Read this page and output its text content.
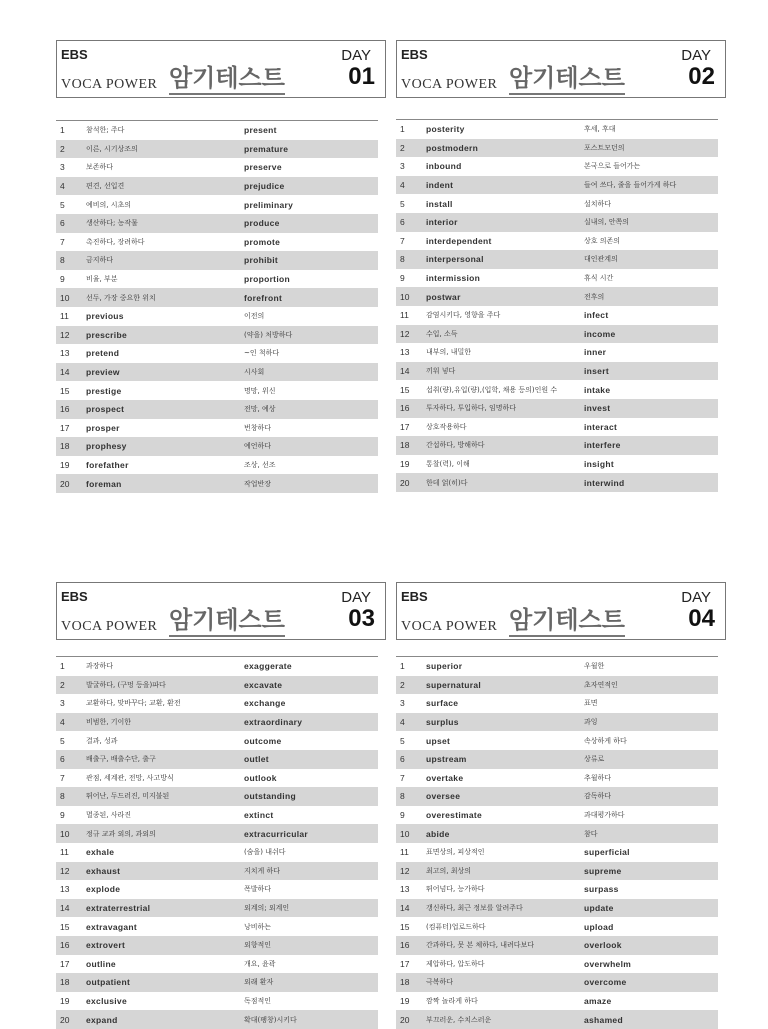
EBS
VOCA POWER 암기테스트
DAY
01
1	참석한; 주다	present
2	이른, 시기상조의	premature
3	보존하다	preserve
4	편견, 선입견	prejudice
5	예비의, 시초의	preliminary
6	생산하다; 농작물	produce
7	촉진하다, 장려하다	promote
8	금지하다	prohibit
9	비율, 부분	proportion
10	선두, 가장 중요한 위치	forefront
11	previous	이전의
12	prescribe	(약을) 처방하다
13	pretend	~인 척하다
14	preview	시사회
15	prestige	명망, 위신
16	prospect	전망, 예상
17	prosper	번창하다
18	prophesy	예언하다
19	forefather	조상, 선조
20	foreman	작업반장
EBS
VOCA POWER 암기테스트
DAY
02
1	posterity	후세, 후대
2	postmodern	포스트모던의
3	inbound	본국으로 들어가는
4	indent	들여 쓰다, 줄을 들어가게 하다
5	install	설치하다
6	interior	실내의, 안쪽의
7	interdependent	상호 의존의
8	interpersonal	대인관계의
9	intermission	휴식 시간
10	postwar	전후의
11	감염시키다, 영향을 주다	infect
12	수입, 소득	income
13	내부의, 내밀한	inner
14	끼워 넣다	insert
15	섭취(량),유입(량),(입학, 채용 등의)인원 수	intake
16	투자하다, 투입하다, 임명하다	invest
17	상호작용하다	interact
18	간섭하다, 방해하다	interfere
19	통찰(력), 이해	insight
20	한데 얽(히)다	interwind
EBS
VOCA POWER 암기테스트
DAY
03
1	과장하다	exaggerate
2	발굴하다, (구멍 등을)파다	excavate
3	교환하다, 맞바꾸다; 교환, 환전	exchange
4	비범한, 기이한	extraordinary
5	결과, 성과	outcome
6	배출구, 배출수단, 출구	outlet
7	관점, 세계관, 전망, 사고방식	outlook
8	뛰어난, 두드러진, 미지불된	outstanding
9	멸종된, 사라진	extinct
10	정규 교과 외의, 과외의	extracurricular
11	exhale	(숨을) 내쉬다
12	exhaust	지치게 하다
13	explode	폭발하다
14	extraterrestrial	외계의; 외계인
15	extravagant	낭비하는
16	extrovert	외향적인
17	outline	개요, 윤곽
18	outpatient	외래 환자
19	exclusive	독점적인
20	expand	확대(팽창)시키다
EBS
VOCA POWER 암기테스트
DAY
04
1	superior	우월한
2	supernatural	초자연적인
3	surface	표면
4	surplus	과잉
5	upset	속상하게 하다
6	upstream	상류로
7	overtake	추월하다
8	oversee	감독하다
9	overestimate	과대평가하다
10	abide	참다
11	표면상의, 피상적인	superficial
12	최고의, 최상의	supreme
13	뛰어넘다, 능가하다	surpass
14	갱신하다, 최근 정보를 알려주다	update
15	(컴퓨터)업로드하다	upload
16	간과하다, 못 본 체하다, 내려다보다	overlook
17	제압하다, 압도하다	overwhelm
18	극복하다	overcome
19	깜짝 놀라게 하다	amaze
20	부끄러운, 수치스러운	ashamed
